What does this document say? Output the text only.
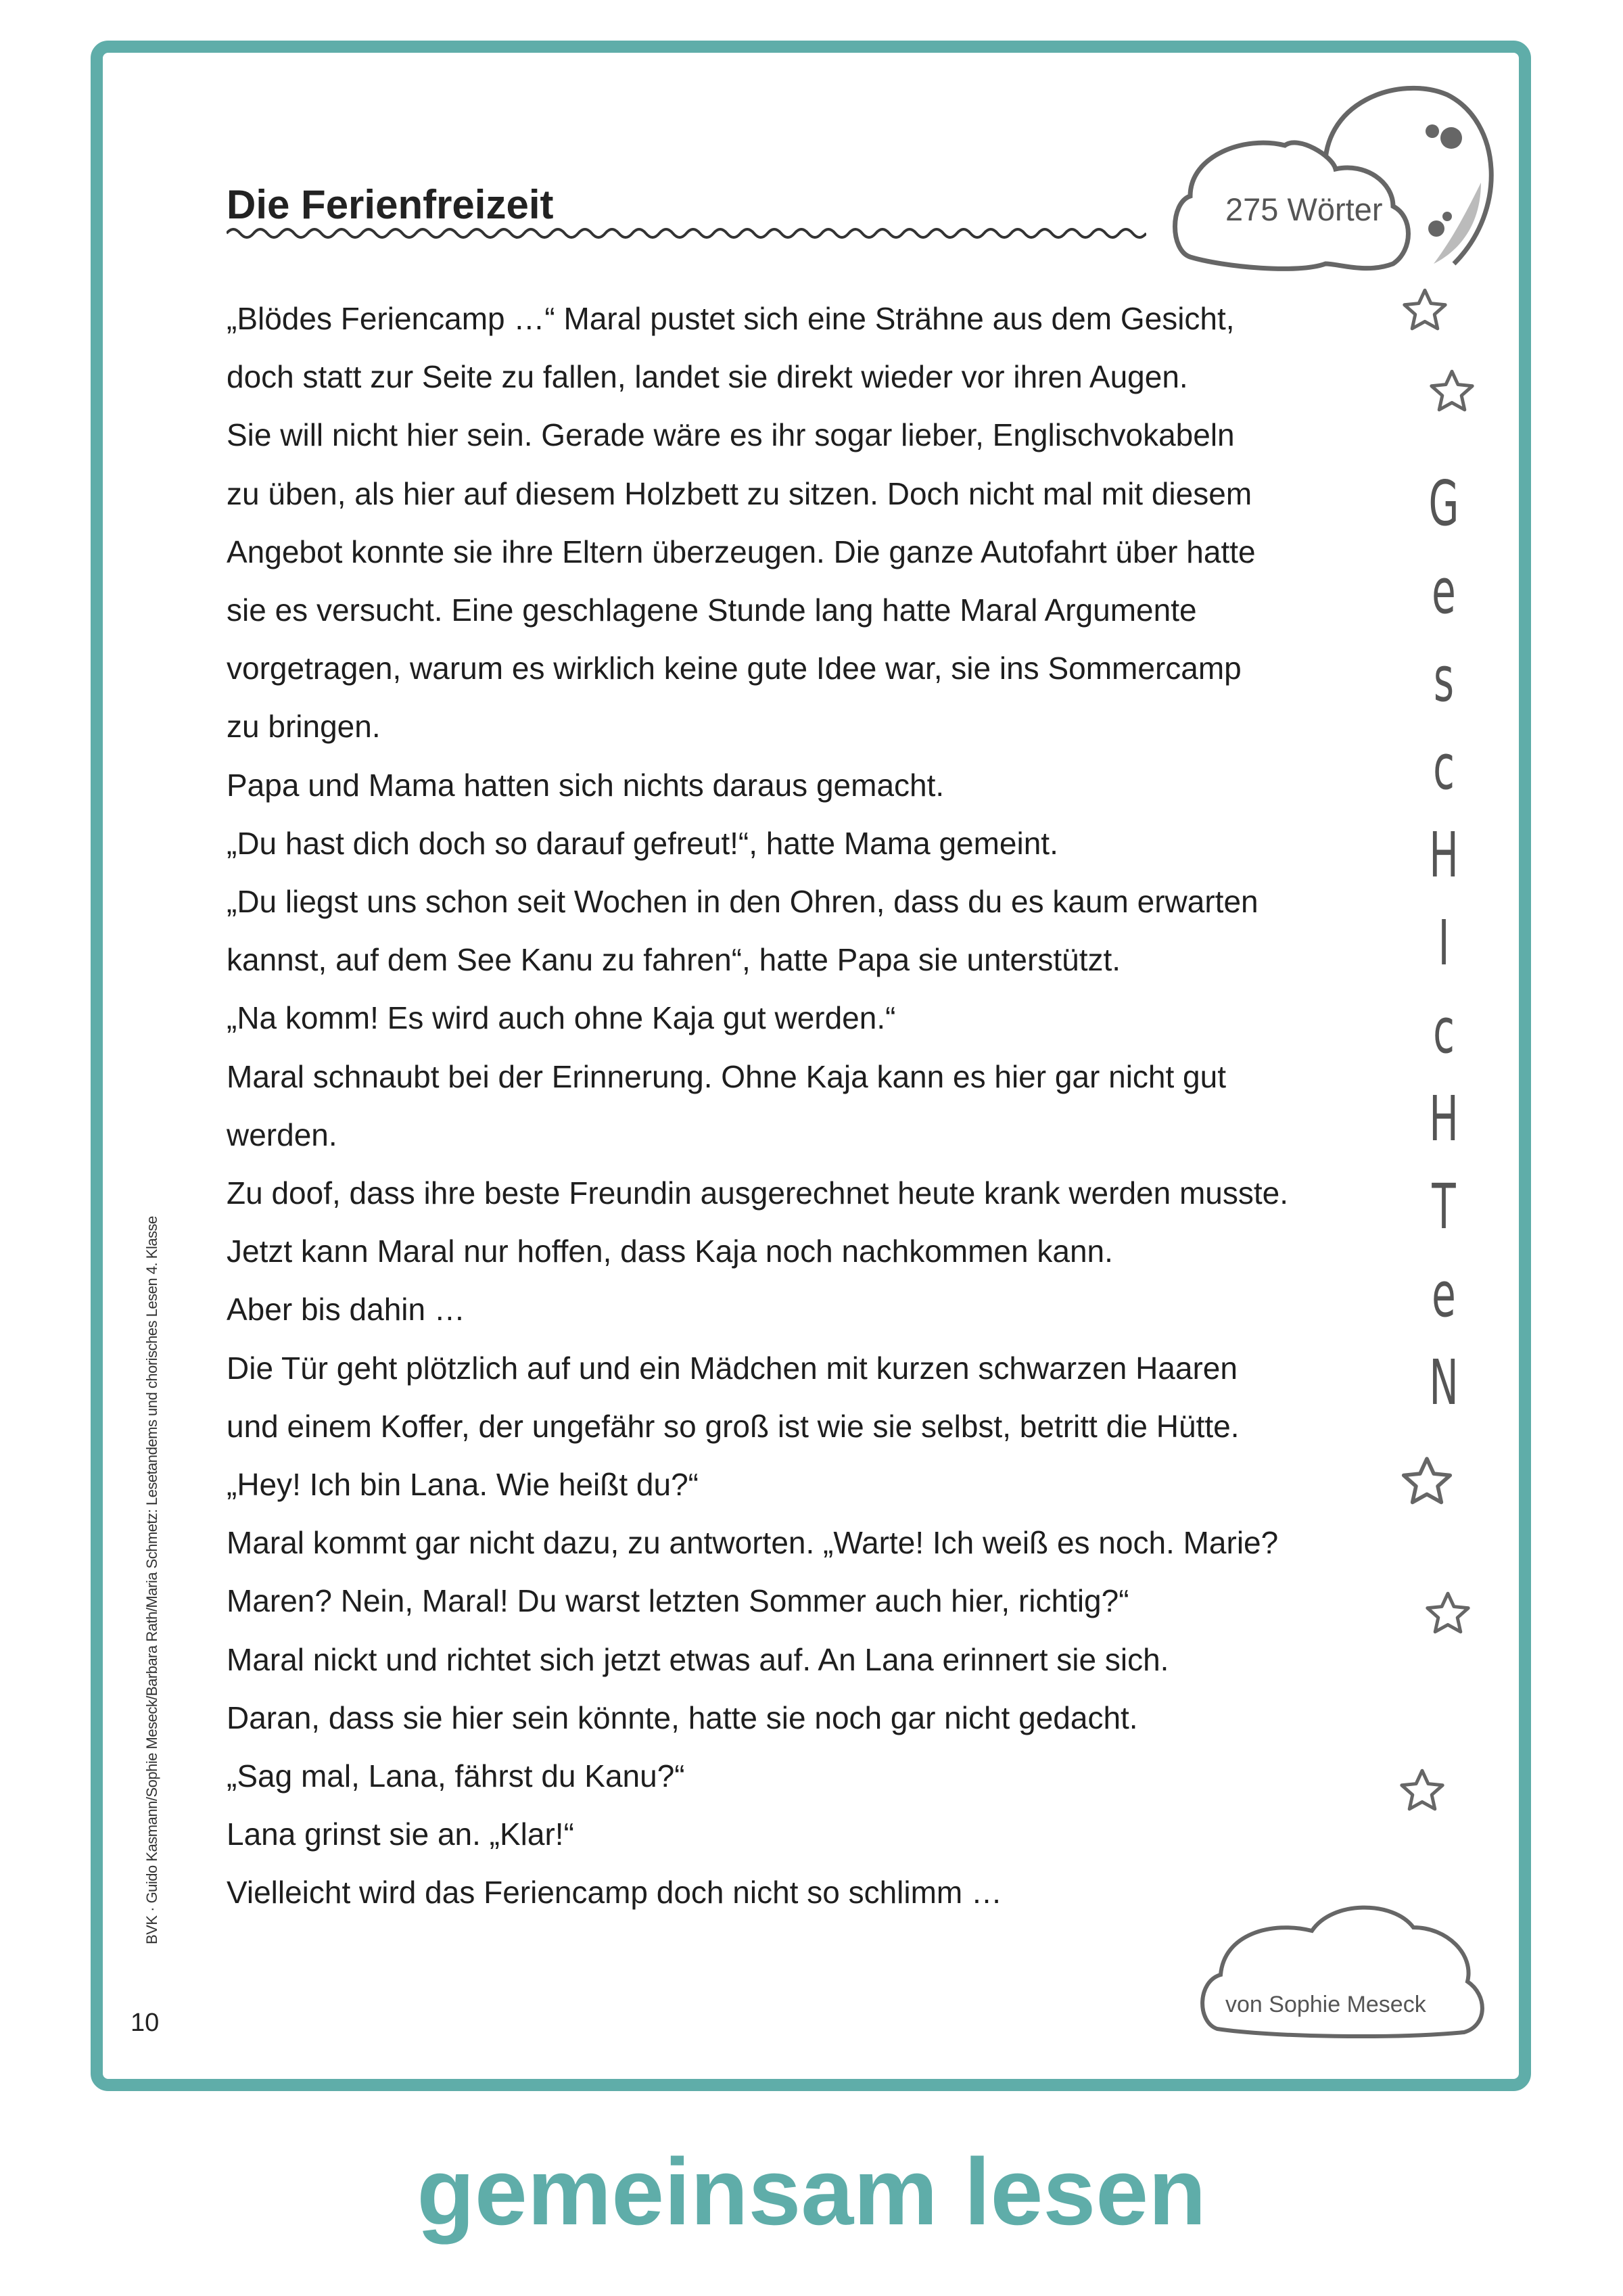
Die Ferienfreizeit	275 Wörter
„Blödes Feriencamp …“ Maral pustet sich eine Strähne aus dem Gesicht,
doch statt zur Seite zu fallen, landet sie direkt wieder vor ihren Augen.
Sie will nicht hier sein. Gerade wäre es ihr sogar lieber, Englischvokabeln
zu üben, als hier auf diesem Holzbett zu sitzen. Doch nicht mal mit diesem
Angebot konnte sie ihre Eltern überzeugen. Die ganze Autofahrt über hatte
sie es versucht. Eine geschlagene Stunde lang hatte Maral Argumente
vorgetragen, warum es wirklich keine gute Idee war, sie ins Sommercamp
zu bringen.
Papa und Mama hatten sich nichts daraus gemacht.
„Du hast dich doch so darauf gefreut!“, hatte Mama gemeint.
„Du liegst uns schon seit Wochen in den Ohren, dass du es kaum erwarten
kannst, auf dem See Kanu zu fahren“, hatte Papa sie unterstützt.
„Na komm! Es wird auch ohne Kaja gut werden.“
Maral schnaubt bei der Erinnerung. Ohne Kaja kann es hier gar nicht gut
werden.
Zu doof, dass ihre beste Freundin ausgerechnet heute krank werden musste.
Jetzt kann Maral nur hoffen, dass Kaja noch nachkommen kann.
Aber bis dahin …
Die Tür geht plötzlich auf und ein Mädchen mit kurzen schwarzen Haaren
und einem Koffer, der ungefähr so groß ist wie sie selbst, betritt die Hütte.
„Hey! Ich bin Lana. Wie heißt du?“
Maral kommt gar nicht dazu, zu antworten. „Warte! Ich weiß es noch. Marie?
Maren? Nein, Maral! Du warst letzten Sommer auch hier, richtig?“
Maral nickt und richtet sich jetzt etwas auf. An Lana erinnert sie sich.
Daran, dass sie hier sein könnte, hatte sie noch gar nicht gedacht.
„Sag mal, Lana, fährst du Kanu?“
Lana grinst sie an. „Klar!“
Vielleicht wird das Feriencamp doch nicht so schlimm …
G
e
s
c
H
I
c
H
T
e
N
von Sophie Meseck
BVK · Guido Kasmann/Sophie Meseck/Barbara Rath/Maria Schmetz: Lesetandems und chorisches Lesen 4. Klasse
10
gemeinsam lesen
